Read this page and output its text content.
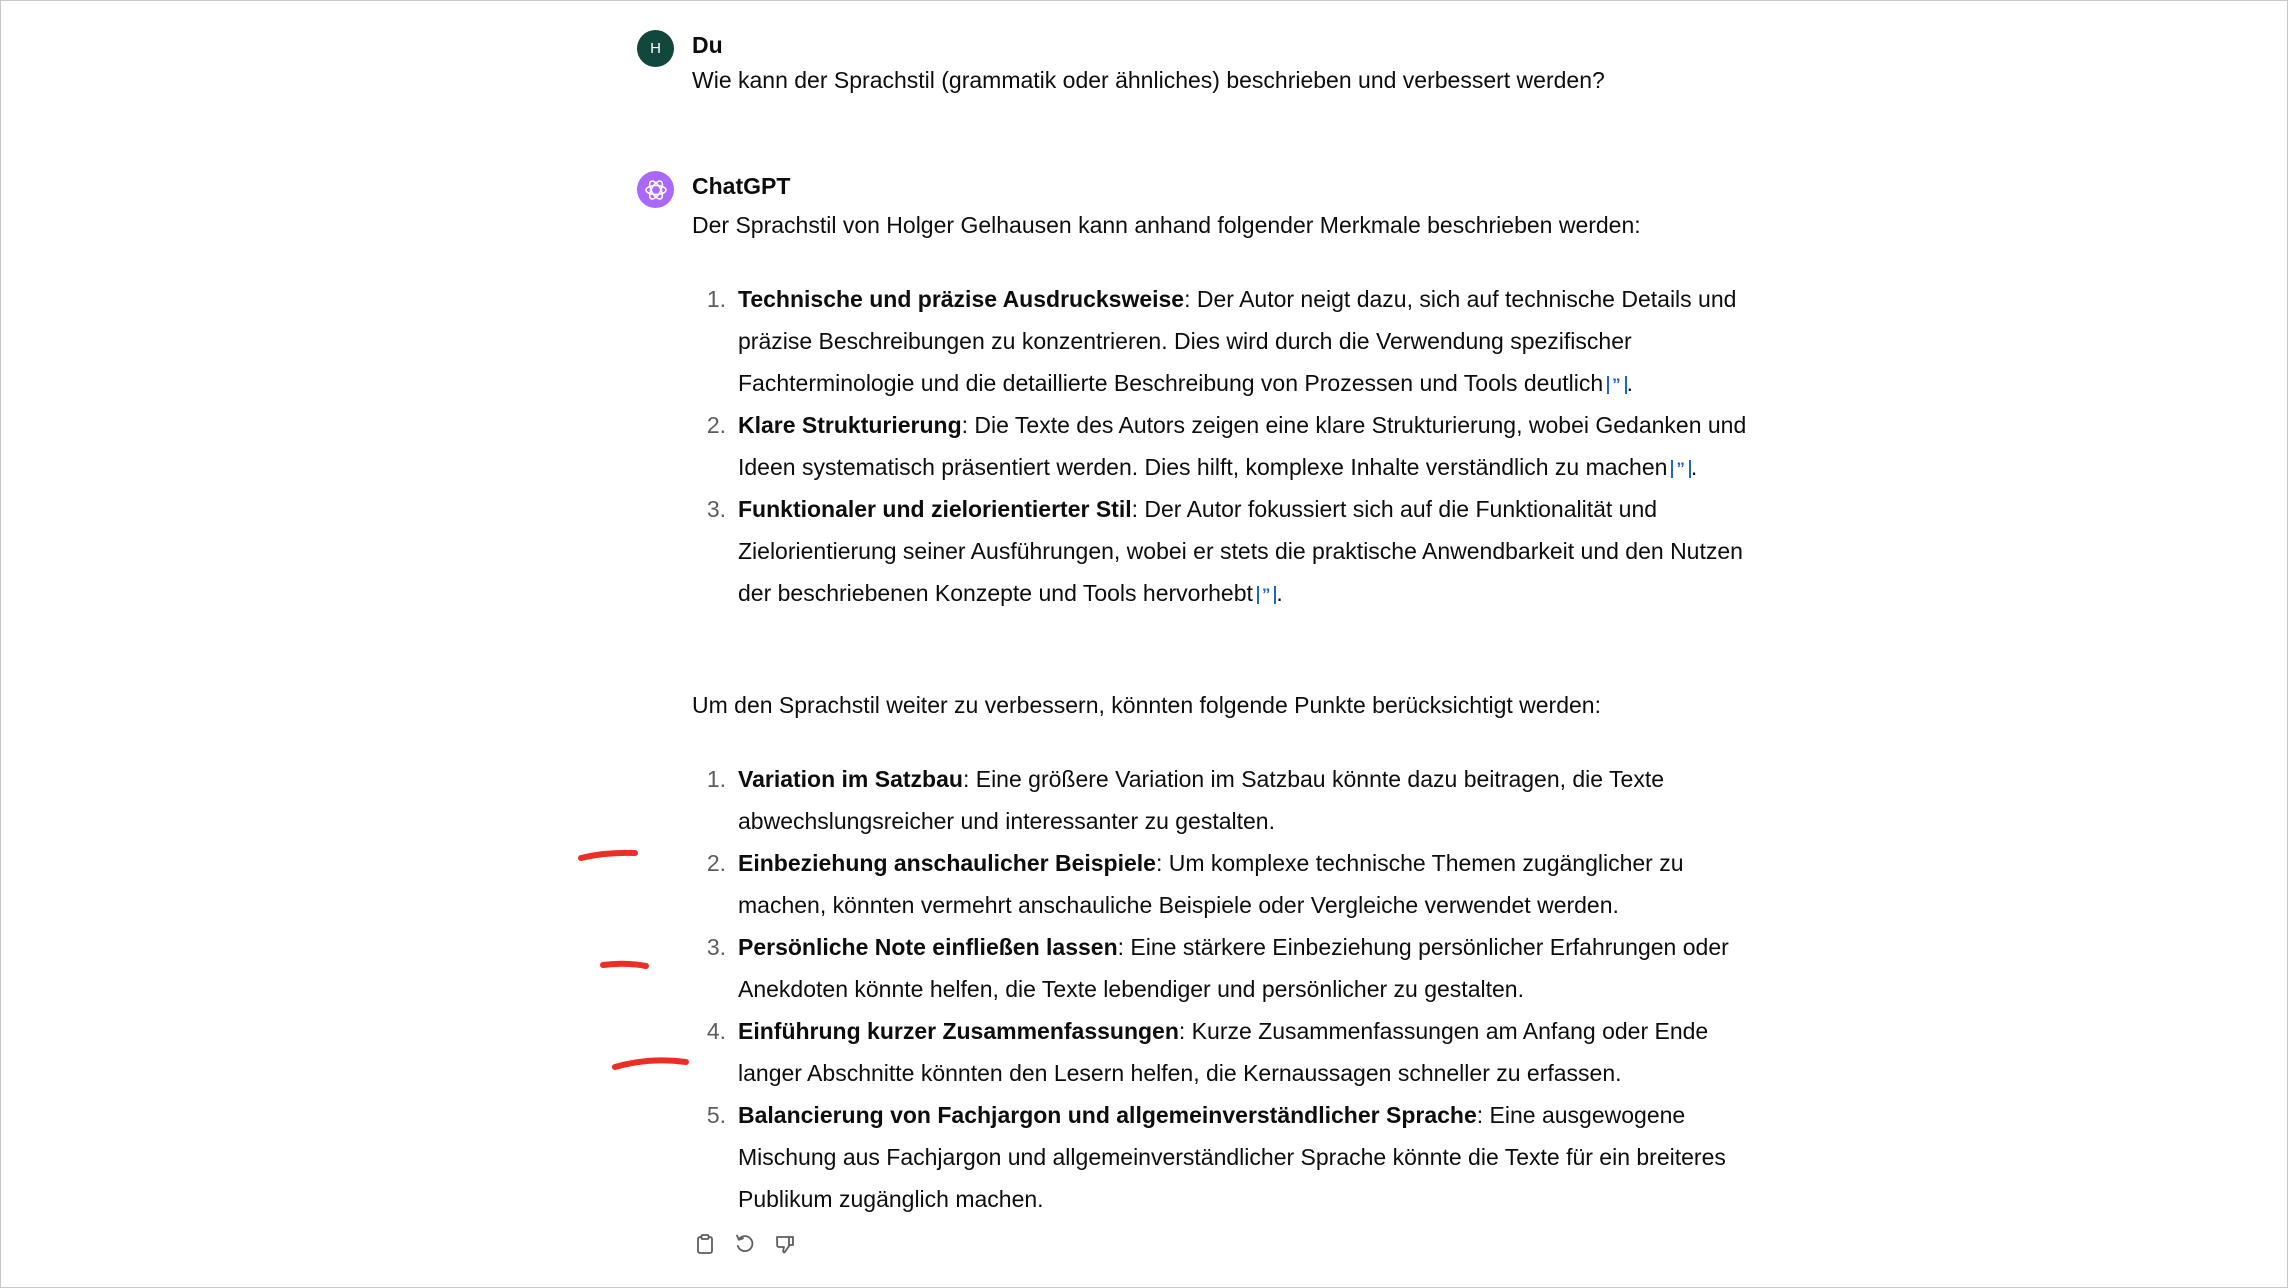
H Du
Wie kann der Sprachstil (grammatik oder ähnliches) beschrieben und verbessert werden?
ChatGPT
Der Sprachstil von Holger Gelhausen kann anhand folgender Merkmale beschrieben werden:
1. Technische und präzise Ausdrucksweise: Der Autor neigt dazu, sich auf technische Details und präzise Beschreibungen zu konzentrieren. Dies wird durch die Verwendung spezifischer Fachterminologie und die detaillierte Beschreibung von Prozessen und Tools deutlich ” .
2. Klare Strukturierung: Die Texte des Autors zeigen eine klare Strukturierung, wobei Gedanken und Ideen systematisch präsentiert werden. Dies hilft, komplexe Inhalte verständlich zu machen ” .
3. Funktionaler und zielorientierter Stil: Der Autor fokussiert sich auf die Funktionalität und Zielorientierung seiner Ausführungen, wobei er stets die praktische Anwendbarkeit und den Nutzen der beschriebenen Konzepte und Tools hervorhebt ” .
Um den Sprachstil weiter zu verbessern, könnten folgende Punkte berücksichtigt werden:
1. Variation im Satzbau: Eine größere Variation im Satzbau könnte dazu beitragen, die Texte abwechslungsreicher und interessanter zu gestalten.
2. Einbeziehung anschaulicher Beispiele: Um komplexe technische Themen zugänglicher zu machen, könnten vermehrt anschauliche Beispiele oder Vergleiche verwendet werden.
3. Persönliche Note einfließen lassen: Eine stärkere Einbeziehung persönlicher Erfahrungen oder Anekdoten könnte helfen, die Texte lebendiger und persönlicher zu gestalten.
4. Einführung kurzer Zusammenfassungen: Kurze Zusammenfassungen am Anfang oder Ende langer Abschnitte könnten den Lesern helfen, die Kernaussagen schneller zu erfassen.
5. Balancierung von Fachjargon und allgemeinverständlicher Sprache: Eine ausgewogene Mischung aus Fachjargon und allgemeinverständlicher Sprache könnte die Texte für ein breiteres Publikum zugänglich machen.
